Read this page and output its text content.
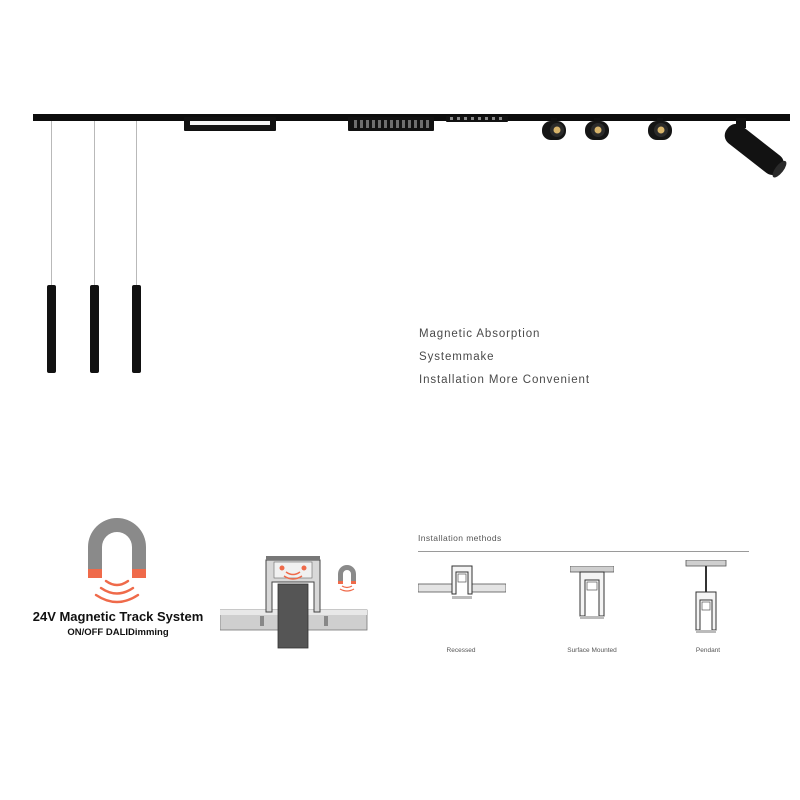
Magnetic Absorption
Systemmake
Installation More Convenient
24V Magnetic Track System
ON/OFF DALIDimming
Installation methods
Recessed	Surface Mounted	Pendant
